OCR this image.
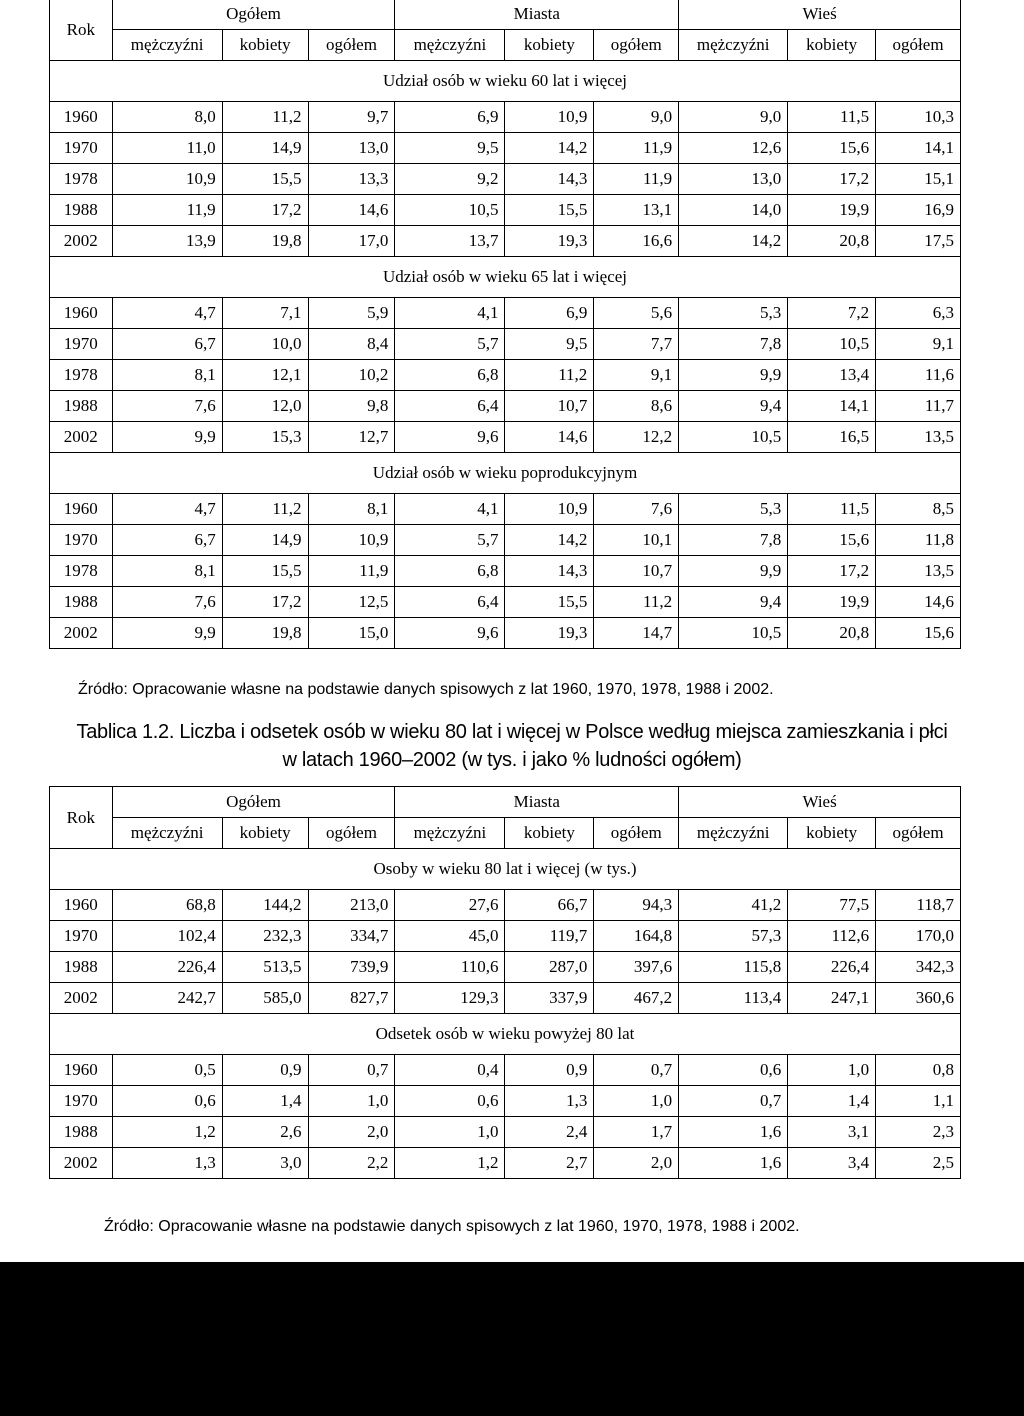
Rok	Ogółem			Miasta			Wieś		
	mężczyźni	kobiety	ogółem	mężczyźni	kobiety	ogółem	mężczyźni	kobiety	ogółem
Udział osób w wieku 60 lat i więcej									
1960	8,0	11,2	9,7	6,9	10,9	9,0	9,0	11,5	10,3
1970	11,0	14,9	13,0	9,5	14,2	11,9	12,6	15,6	14,1
1978	10,9	15,5	13,3	9,2	14,3	11,9	13,0	17,2	15,1
1988	11,9	17,2	14,6	10,5	15,5	13,1	14,0	19,9	16,9
2002	13,9	19,8	17,0	13,7	19,3	16,6	14,2	20,8	17,5
Udział osób w wieku 65 lat i więcej									
1960	4,7	7,1	5,9	4,1	6,9	5,6	5,3	7,2	6,3
1970	6,7	10,0	8,4	5,7	9,5	7,7	7,8	10,5	9,1
1978	8,1	12,1	10,2	6,8	11,2	9,1	9,9	13,4	11,6
1988	7,6	12,0	9,8	6,4	10,7	8,6	9,4	14,1	11,7
2002	9,9	15,3	12,7	9,6	14,6	12,2	10,5	16,5	13,5
Udział osób w wieku poprodukcyjnym									
1960	4,7	11,2	8,1	4,1	10,9	7,6	5,3	11,5	8,5
1970	6,7	14,9	10,9	5,7	14,2	10,1	7,8	15,6	11,8
1978	8,1	15,5	11,9	6,8	14,3	10,7	9,9	17,2	13,5
1988	7,6	17,2	12,5	6,4	15,5	11,2	9,4	19,9	14,6
2002	9,9	19,8	15,0	9,6	19,3	14,7	10,5	20,8	15,6
Źródło: Opracowanie własne na podstawie danych spisowych z lat 1960, 1970, 1978, 1988 i 2002.
Tablica 1.2. Liczba i odsetek osób w wieku 80 lat i więcej w Polsce według miejsca zamieszkania i płci
w latach 1960–2002 (w tys. i jako % ludności ogółem)
Rok	Ogółem			Miasta			Wieś		
	mężczyźni	kobiety	ogółem	mężczyźni	kobiety	ogółem	mężczyźni	kobiety	ogółem
Osoby w wieku 80 lat i więcej (w tys.)									
1960	68,8	144,2	213,0	27,6	66,7	94,3	41,2	77,5	118,7
1970	102,4	232,3	334,7	45,0	119,7	164,8	57,3	112,6	170,0
1988	226,4	513,5	739,9	110,6	287,0	397,6	115,8	226,4	342,3
2002	242,7	585,0	827,7	129,3	337,9	467,2	113,4	247,1	360,6
Odsetek osób w wieku powyżej 80 lat									
1960	0,5	0,9	0,7	0,4	0,9	0,7	0,6	1,0	0,8
1970	0,6	1,4	1,0	0,6	1,3	1,0	0,7	1,4	1,1
1988	1,2	2,6	2,0	1,0	2,4	1,7	1,6	3,1	2,3
2002	1,3	3,0	2,2	1,2	2,7	2,0	1,6	3,4	2,5
Źródło: Opracowanie własne na podstawie danych spisowych z lat 1960, 1970, 1978, 1988 i 2002.
